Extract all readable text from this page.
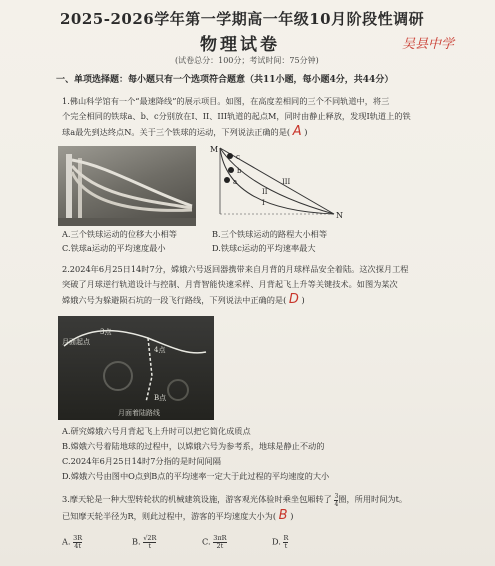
2025-2026学年第一学期高一年级10月阶段性调研
吴县中学
物理试卷
(试卷总分：100分；考试时间：75分钟)
一、单项选择题：每小题只有一个选项符合题意（共11小题，每小题4分，共44分）
1.佛山科学馆有一个“最速降线”的展示项目。如图，在高度差相同的三个不同轨道中，将三
个完全相同的铁球a、b、c分别放在I、II、III轨道的起点M，同时由静止释放，发现I轨道上的铁
球a最先到达终点N。关于三个铁球的运动，下列说法正确的是( A )
M
c
b
a	III
II
I
N
A.三个铁球运动的位移大小相等	B.三个铁球运动的路程大小相等
C.铁球a运动的平均速度最小	D.铁球c运动的平均速率最大
2.2024年6月25日14时7分，嫦娥六号返回器携带来自月背的月球样品安全着陆。这次探月工程
突破了月球逆行轨道设计与控制、月背智能快速采样、月背起飞上升等关键技术。如图为某次
嫦娥六号为躲避陨石坑的一段飞行路线，下列说法中正确的是( D )
月面起点
3点
4点
B点
月面着陆路线
A.研究嫦娥六号月背起飞上升时可以把它简化成质点
B.嫦娥六号着陆地球的过程中，以嫦娥六号为参考系，地球是静止不动的
C.2024年6月25日14时7分指的是时间间隔
D.嫦娥六号由图中O点到B点的平均速率一定大于此过程的平均速度的大小
3.摩天轮是一种大型转轮状的机械建筑设施，游客观光体验时乘坐包厢转了 $\frac{3}{4}$ 圈，所用时间为t。
已知摩天轮半径为R，则此过程中，游客的平均速度大小为( B )
A. $\frac{3R}{4t}$	B. $\frac{√2R}{t}$	C. $\frac{3\pi R}{2t}$	D. $\frac{R}{t}$
